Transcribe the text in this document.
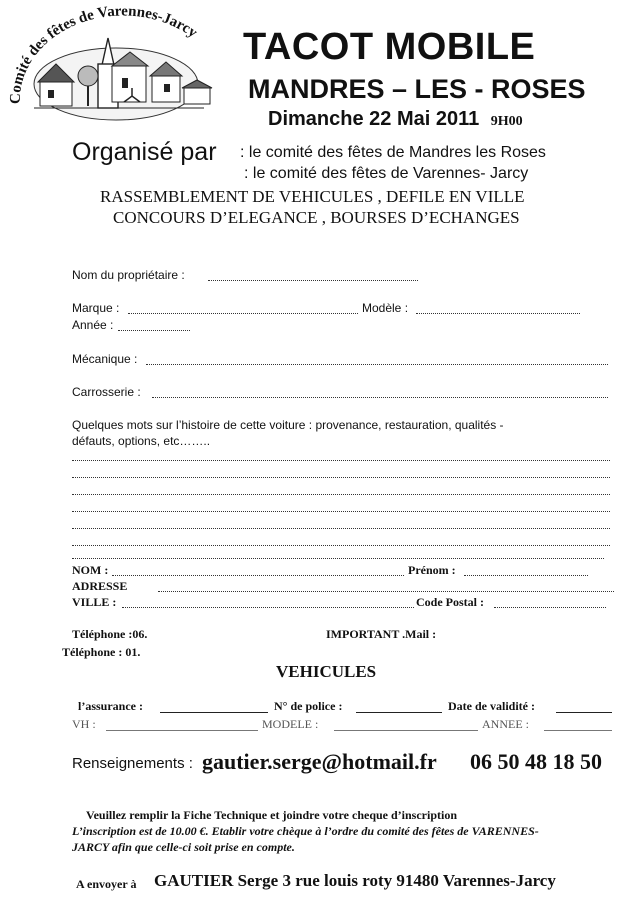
Comité des fêtes de Varennes-Jarcy TACOT MOBILE
MANDRES – LES - ROSES
Dimanche 22 Mai 2011 9H00
Organisé par : le comité des fêtes de Mandres les Roses
: le comité des fêtes de Varennes- Jarcy
RASSEMBLEMENT DE VEHICULES , DEFILE EN VILLE
CONCOURS D’ELEGANCE , BOURSES D’ECHANGES
Nom du propriétaire :
Marque :	Modèle :
Année :
Mécanique :
Carrosserie :
Quelques mots sur l’histoire de cette voiture : provenance, restauration, qualités -
défauts, options, etc……..
NOM :	Prénom :
ADRESSE
VILLE :	Code Postal :
Téléphone :06.	IMPORTANT .Mail :
Téléphone : 01.
VEHICULES
l’assurance :	N° de police :	Date de validité :
VH :	MODELE :	ANNEE :
Renseignements : gautier.serge@hotmail.fr 06 50 48 18 50
Veuillez remplir la Fiche Technique et joindre votre cheque d’inscription
L’inscription est de 10.00 €. Etablir votre chèque à l’ordre du comité des fêtes de VARENNES-
JARCY afin que celle-ci soit prise en compte.
A envoyer à GAUTIER Serge 3 rue louis roty 91480 Varennes-Jarcy
